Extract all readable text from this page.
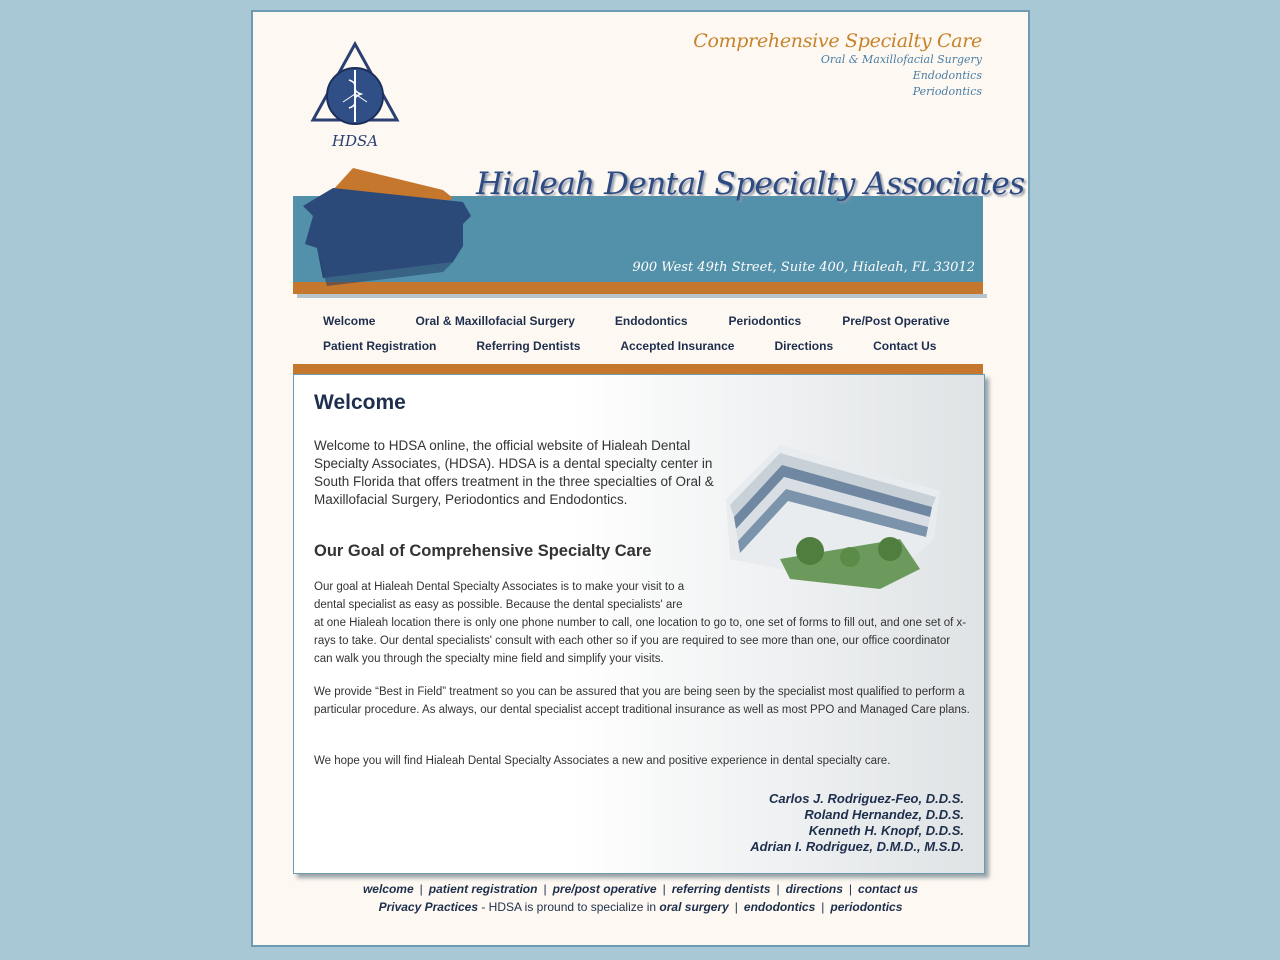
HDSA
Comprehensive Specialty Care
Oral & Maxillofacial Surgery
Endodontics
Periodontics
Hialeah Dental Specialty Associates
900 West 49th Street, Suite 400, Hialeah, FL 33012
Welcome	Oral & Maxillofacial Surgery	Endodontics	Periodontics	Pre/Post Operative
Patient Registration	Referring Dentists	Accepted Insurance	Directions	Contact Us
Welcome
Welcome to HDSA online, the official website of Hialeah Dental Specialty Associates, (HDSA). HDSA is a dental specialty center in South Florida that offers treatment in the three specialties of Oral & Maxillofacial Surgery, Periodontics and Endodontics.
Our Goal of Comprehensive Specialty Care
Our goal at Hialeah Dental Specialty Associates is to make your visit to a
dental specialist as easy as possible. Because the dental specialists' are
at one Hialeah location there is only one phone number to call, one location to go to, one set of forms to fill out, and one set of x-rays to take. Our dental specialists' consult with each other so if you are required to see more than one, our office coordinator can walk you through the specialty mine field and simplify your visits.
We provide “Best in Field” treatment so you can be assured that you are being seen by the specialist most qualified to perform a particular procedure. As always, our dental specialist accept traditional insurance as well as most PPO and Managed Care plans.
We hope you will find Hialeah Dental Specialty Associates a new and positive experience in dental specialty care.
Carlos J. Rodriguez-Feo, D.D.S.
Roland Hernandez, D.D.S.
Kenneth H. Knopf, D.D.S.
Adrian I. Rodriguez, D.M.D., M.S.D.
welcome | patient registration | pre/post operative | referring dentists | directions | contact us
Privacy Practices - HDSA is pround to specialize in oral surgery | endodontics | periodontics
